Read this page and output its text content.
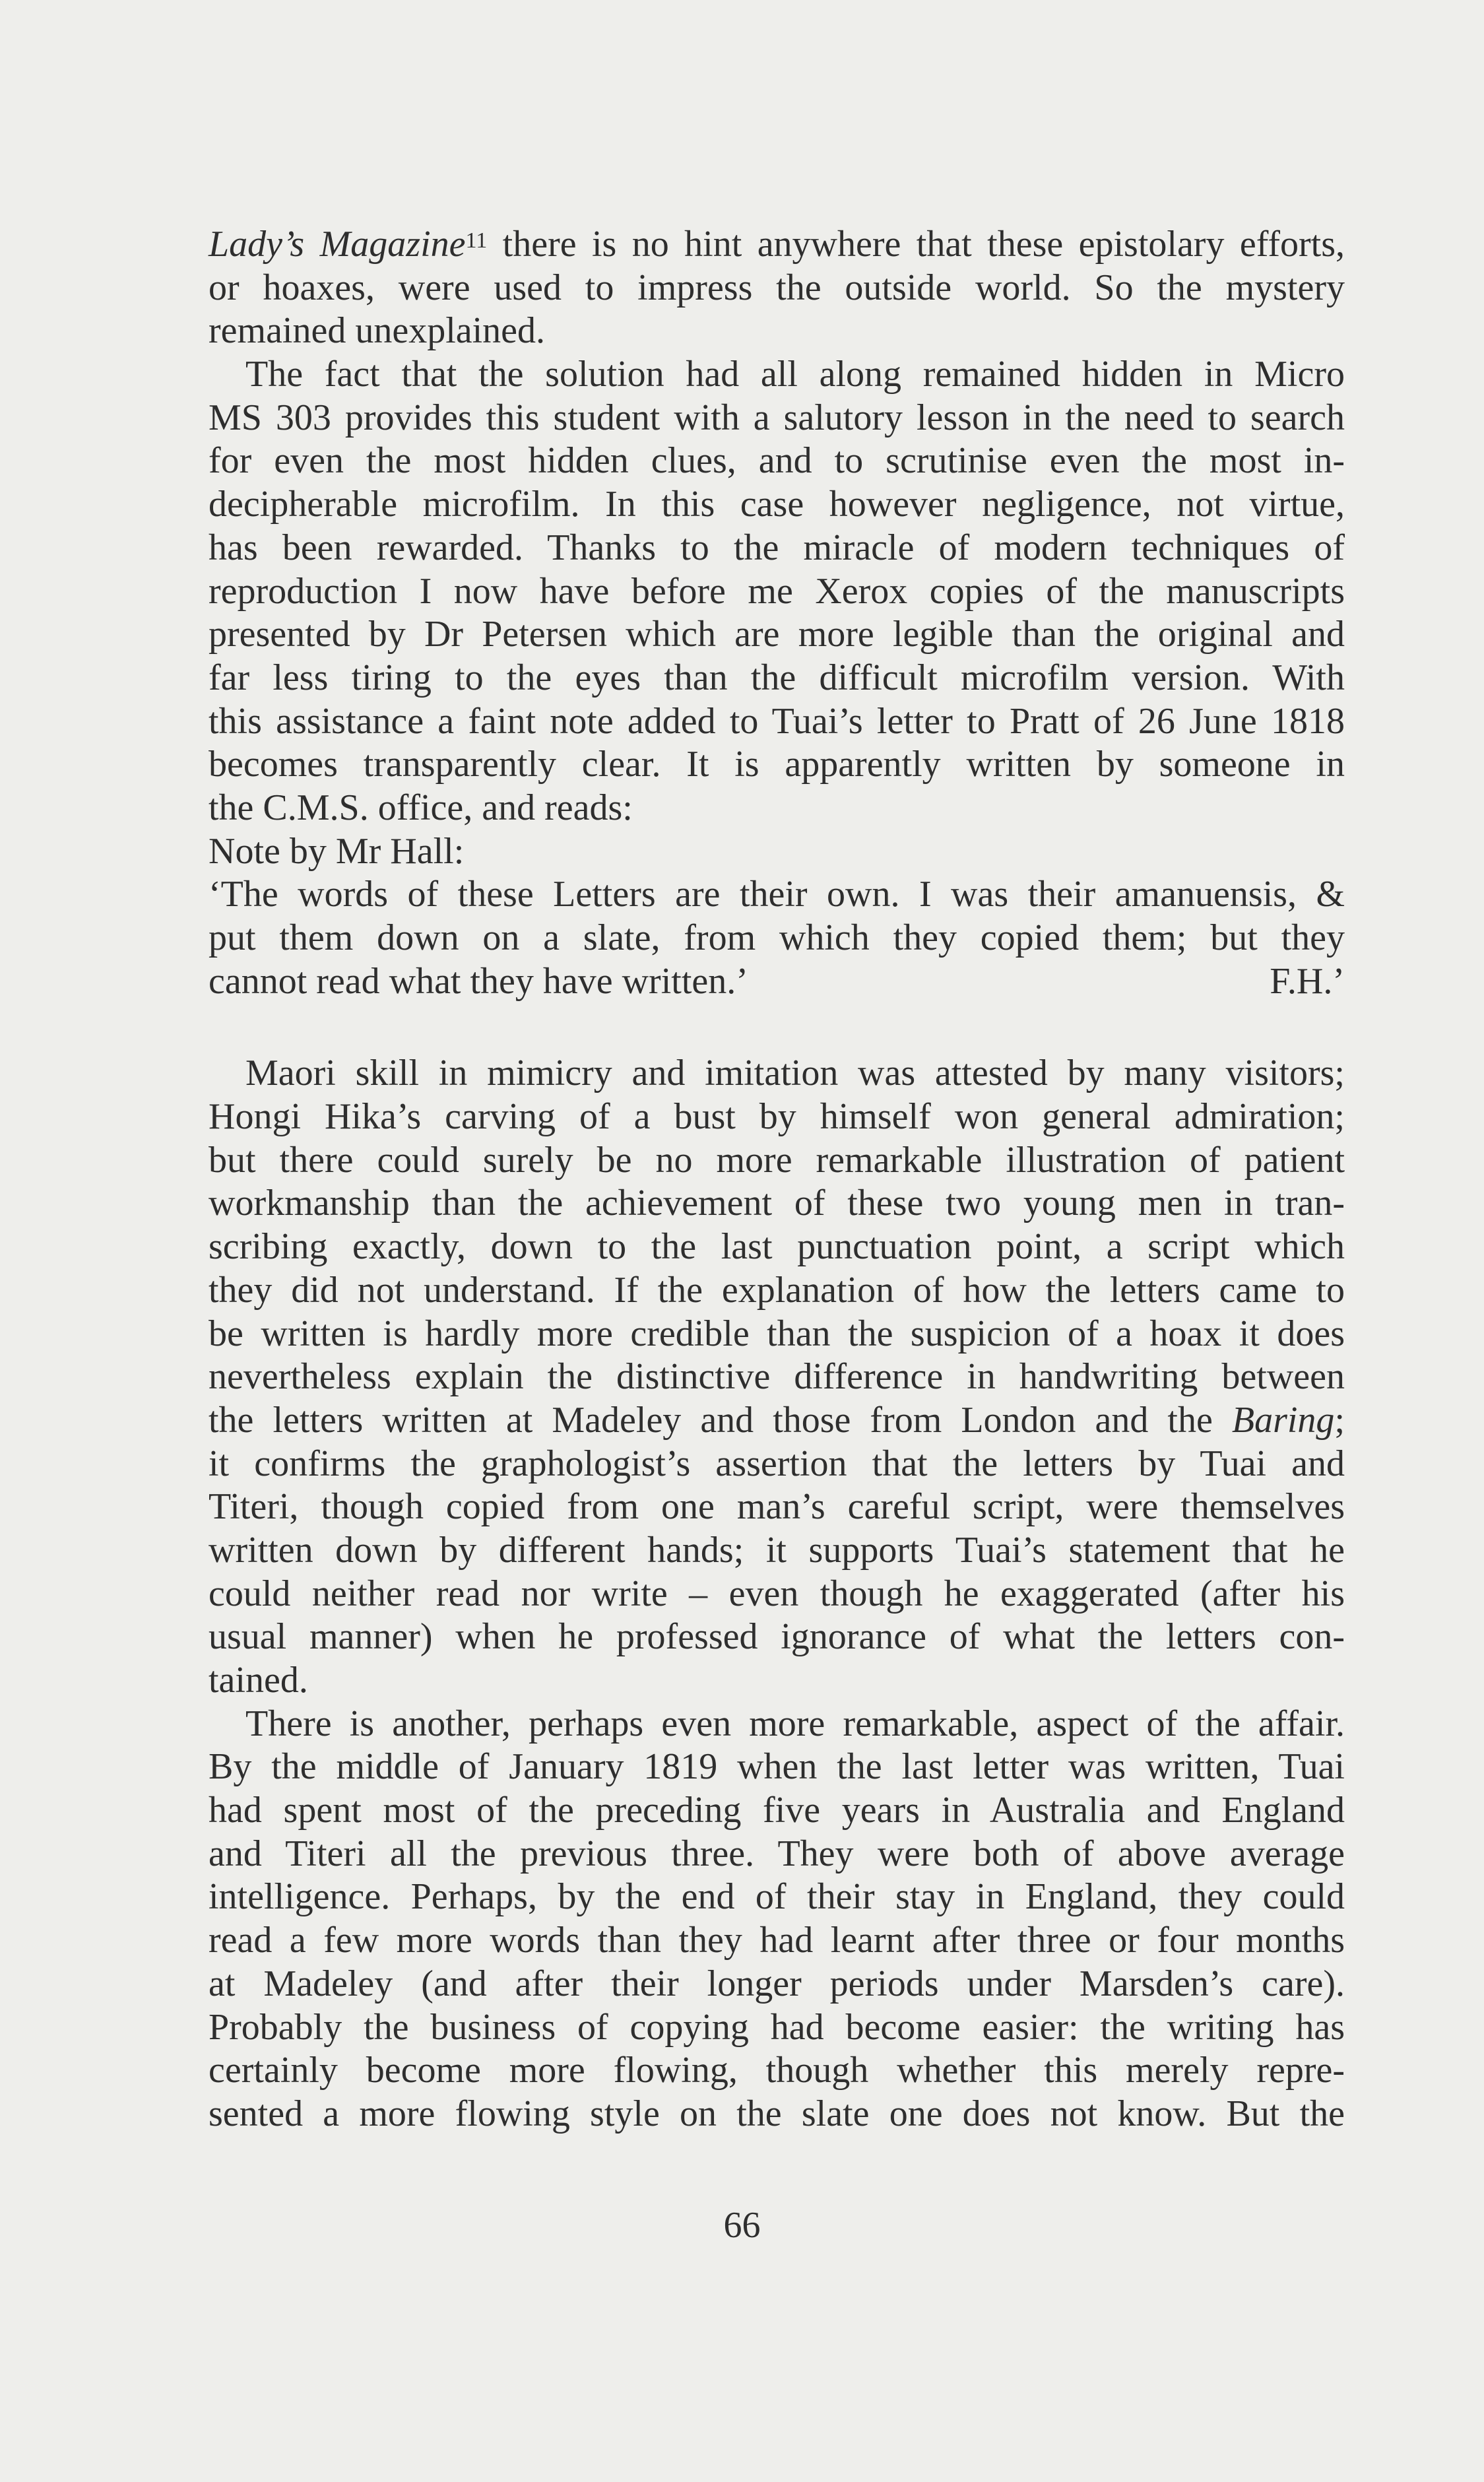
Lady’s Magazine$^{11}$ there is no hint anywhere that these epistolary efforts,
or hoaxes, were used to impress the outside world. So the mystery
remained unexplained.
The fact that the solution had all along remained hidden in Micro
MS 303 provides this student with a salutory lesson in the need to search
for even the most hidden clues, and to scrutinise even the most in-
decipherable microfilm. In this case however negligence, not virtue,
has been rewarded. Thanks to the miracle of modern techniques of
reproduction I now have before me Xerox copies of the manuscripts
presented by Dr Petersen which are more legible than the original and
far less tiring to the eyes than the difficult microfilm version. With
this assistance a faint note added to Tuai’s letter to Pratt of 26 June 1818
becomes transparently clear. It is apparently written by someone in
the C.M.S. office, and reads:
Note by Mr Hall:
‘The words of these Letters are their own. I was their amanuensis, &
put them down on a slate, from which they copied them; but they
cannot read what they have written.’	F.H.’
Maori skill in mimicry and imitation was attested by many visitors;
Hongi Hika’s carving of a bust by himself won general admiration;
but there could surely be no more remarkable illustration of patient
workmanship than the achievement of these two young men in tran-
scribing exactly, down to the last punctuation point, a script which
they did not understand. If the explanation of how the letters came to
be written is hardly more credible than the suspicion of a hoax it does
nevertheless explain the distinctive difference in handwriting between
the letters written at Madeley and those from London and the Baring;
it confirms the graphologist’s assertion that the letters by Tuai and
Titeri, though copied from one man’s careful script, were themselves
written down by different hands; it supports Tuai’s statement that he
could neither read nor write – even though he exaggerated (after his
usual manner) when he professed ignorance of what the letters con-
tained.
There is another, perhaps even more remarkable, aspect of the affair.
By the middle of January 1819 when the last letter was written, Tuai
had spent most of the preceding five years in Australia and England
and Titeri all the previous three. They were both of above average
intelligence. Perhaps, by the end of their stay in England, they could
read a few more words than they had learnt after three or four months
at Madeley (and after their longer periods under Marsden’s care).
Probably the business of copying had become easier: the writing has
certainly become more flowing, though whether this merely repre-
sented a more flowing style on the slate one does not know. But the
66
